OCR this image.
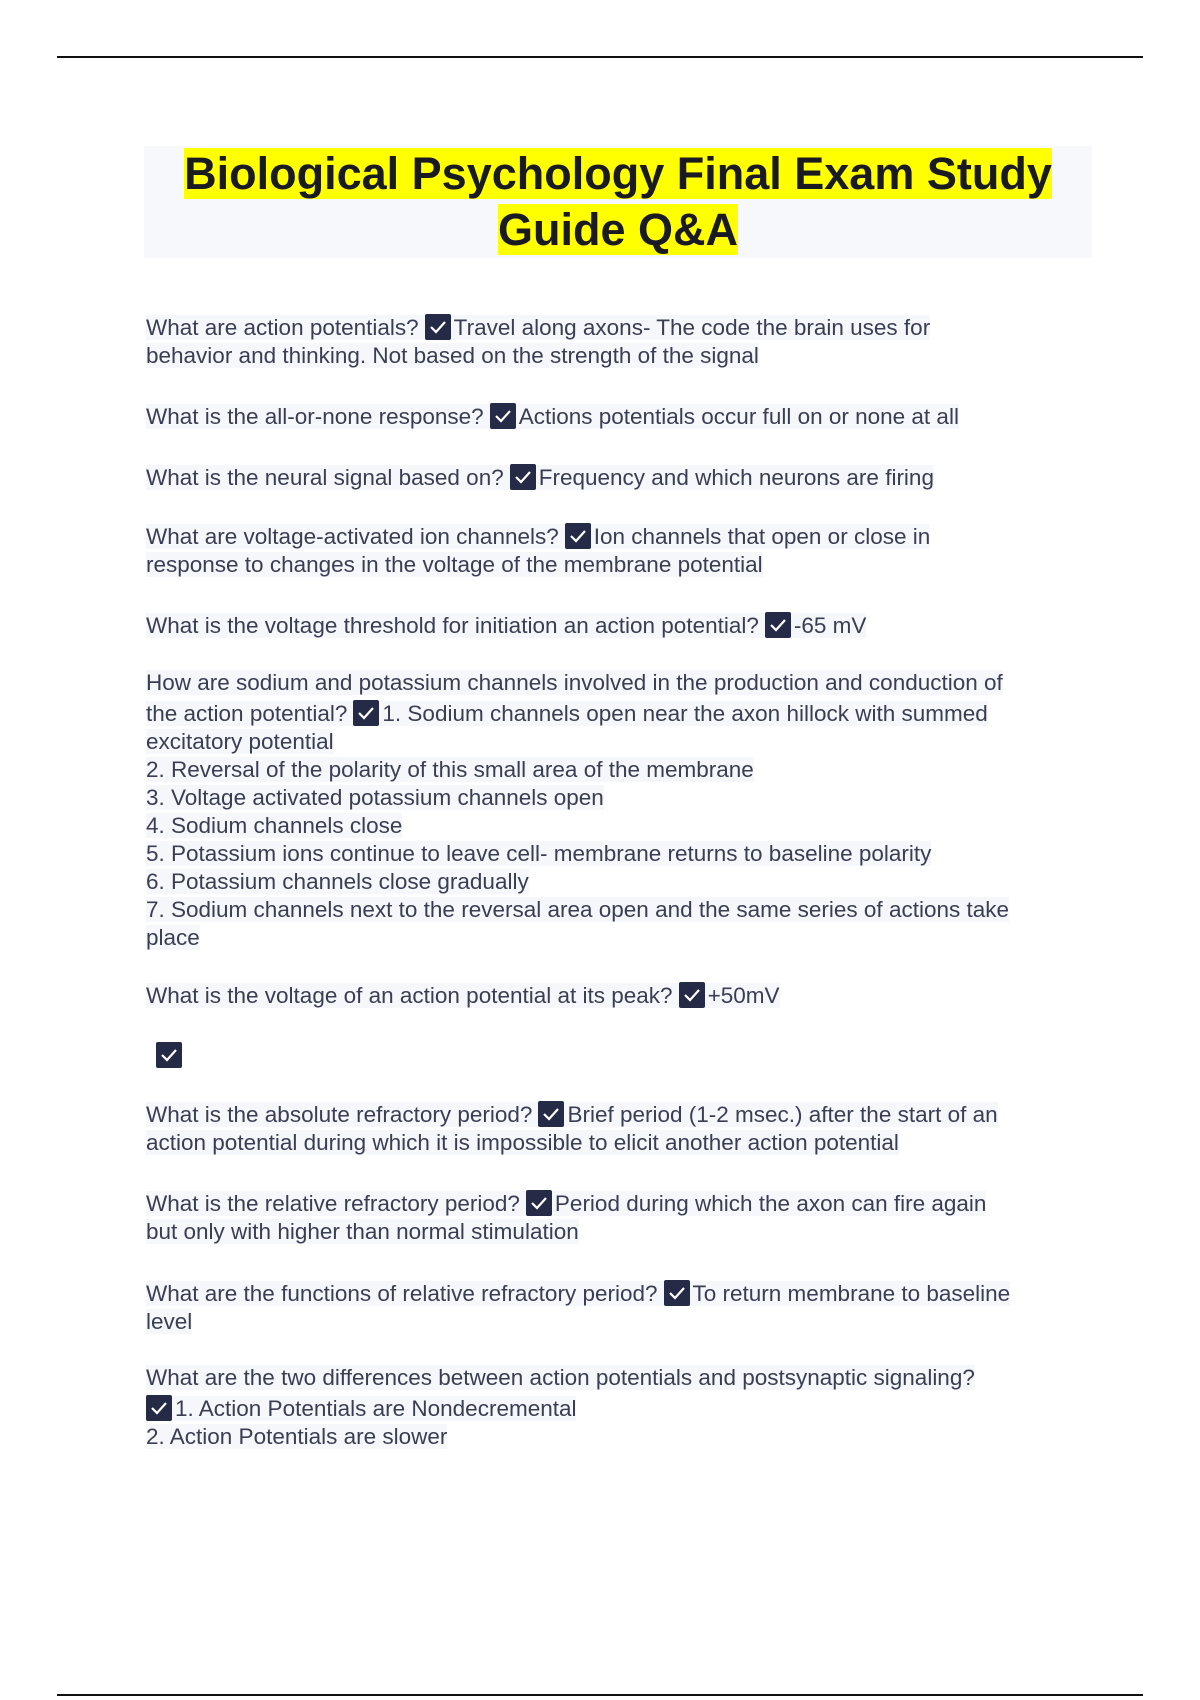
Biological Psychology Final Exam Study
Guide Q&A
What are action potentials? Travel along axons- The code the brain uses for
behavior and thinking. Not based on the strength of the signal
What is the all-or-none response? Actions potentials occur full on or none at all
What is the neural signal based on? Frequency and which neurons are firing
What are voltage-activated ion channels? Ion channels that open or close in
response to changes in the voltage of the membrane potential
What is the voltage threshold for initiation an action potential? -65 mV
How are sodium and potassium channels involved in the production and conduction of
the action potential? 1. Sodium channels open near the axon hillock with summed
excitatory potential
2. Reversal of the polarity of this small area of the membrane
3. Voltage activated potassium channels open
4. Sodium channels close
5. Potassium ions continue to leave cell- membrane returns to baseline polarity
6. Potassium channels close gradually
7. Sodium channels next to the reversal area open and the same series of actions take
place
What is the voltage of an action potential at its peak? +50mV
What is the absolute refractory period? Brief period (1-2 msec.) after the start of an
action potential during which it is impossible to elicit another action potential
What is the relative refractory period? Period during which the axon can fire again
but only with higher than normal stimulation
What are the functions of relative refractory period? To return membrane to baseline
level
What are the two differences between action potentials and postsynaptic signaling?
1. Action Potentials are Nondecremental
2. Action Potentials are slower
